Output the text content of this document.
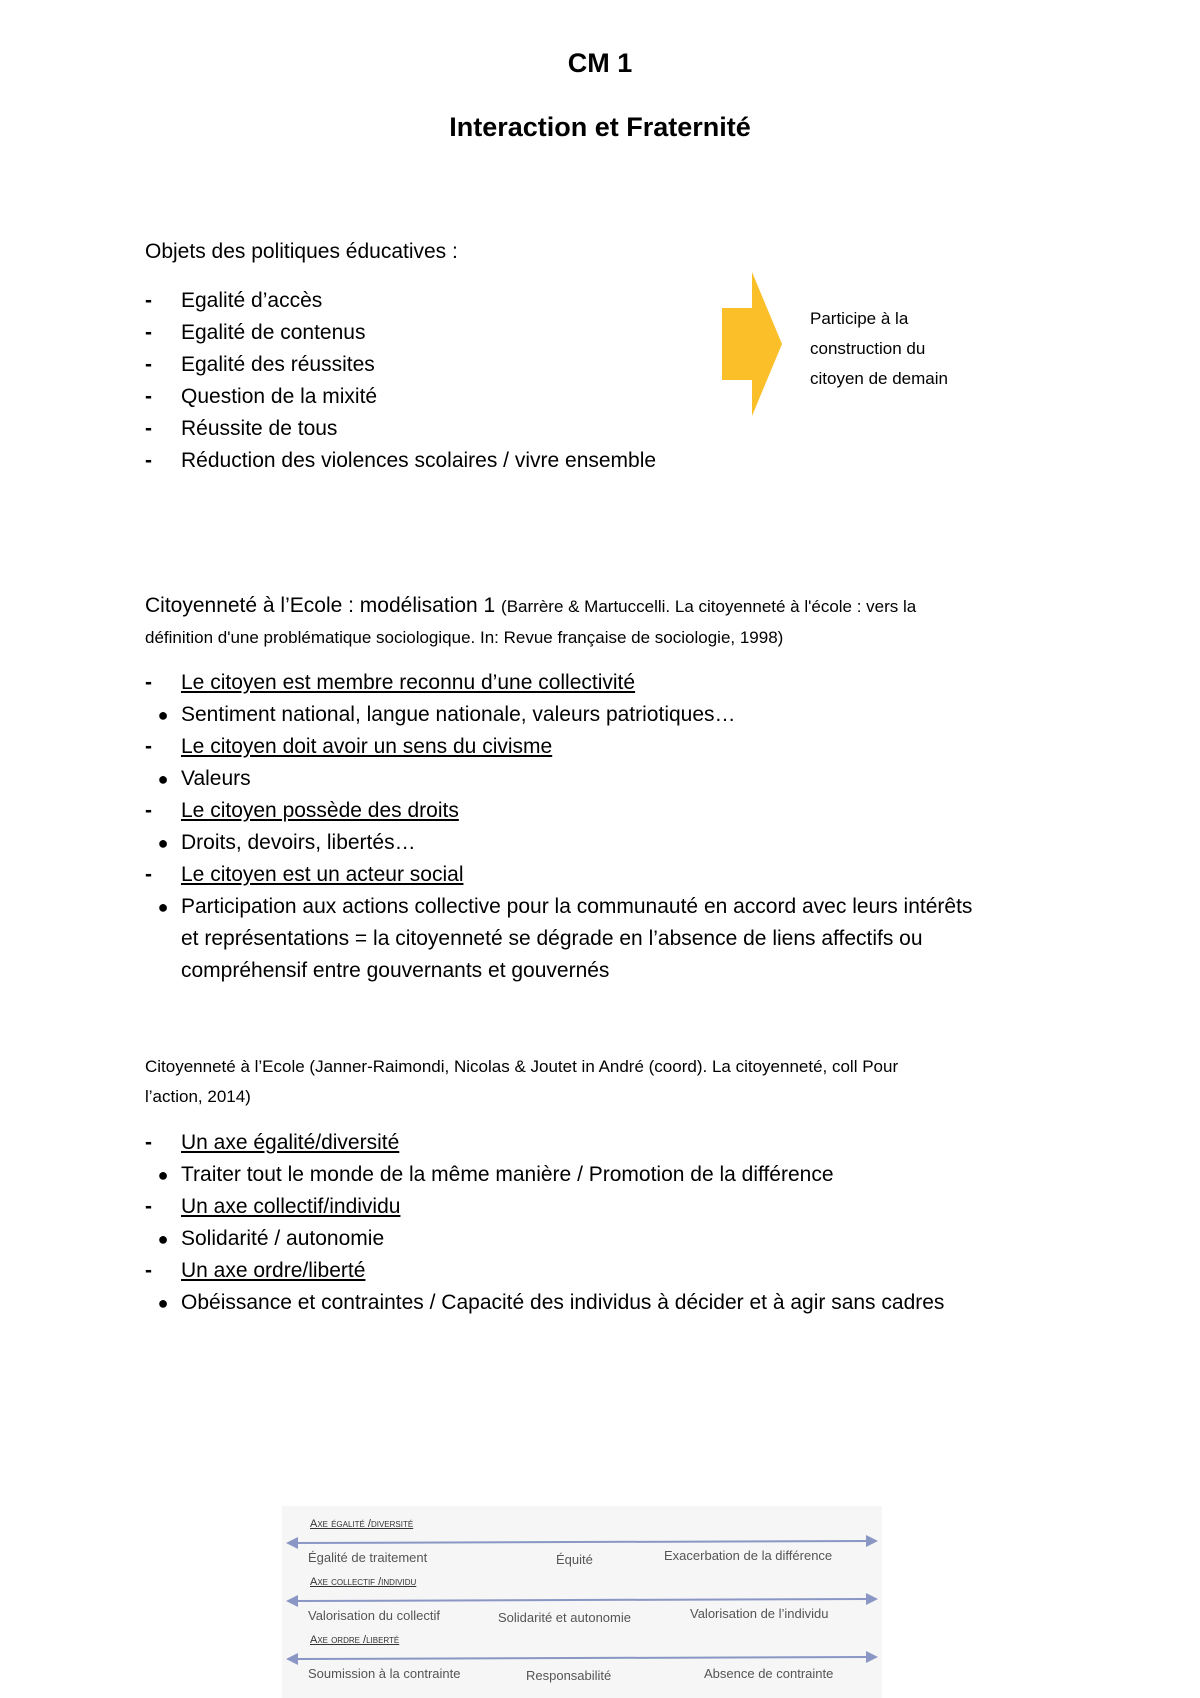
CM 1
Interaction et Fraternité
Objets des politiques éducatives :
-	Egalité d’accès
-	Egalité de contenus
-	Egalité des réussites
-	Question de la mixité
-	Réussite de tous
-	Réduction des violences scolaires / vivre ensemble
Participe à la
construction du
citoyen de demain
Citoyenneté à l’Ecole : modélisation 1 (Barrère & Martuccelli. La citoyenneté à l'école : vers la
définition d'une problématique sociologique. In: Revue française de sociologie, 1998)
-	Le citoyen est membre reconnu d’une collectivité
● Sentiment national, langue nationale, valeurs patriotiques…
-	Le citoyen doit avoir un sens du civisme
● Valeurs
-	Le citoyen possède des droits
● Droits, devoirs, libertés…
-	Le citoyen est un acteur social
● Participation aux actions collective pour la communauté en accord avec leurs intérêts
et représentations = la citoyenneté se dégrade en l’absence de liens affectifs ou
compréhensif entre gouvernants et gouvernés
Citoyenneté à l’Ecole (Janner-Raimondi, Nicolas & Joutet in André (coord). La citoyenneté, coll Pour
l’action, 2014)
-	Un axe égalité/diversité
● Traiter tout le monde de la même manière / Promotion de la différence
-	Un axe collectif/individu
● Solidarité / autonomie
-	Un axe ordre/liberté
● Obéissance et contraintes / Capacité des individus à décider et à agir sans cadres
Axe égalité /diversité
Égalité de traitement	Équité	Exacerbation de la différence
Axe collectif /individu
Valorisation du collectif	Solidarité et autonomie	Valorisation de l’individu
Axe ordre /liberté
Soumission à la contrainte	Responsabilité	Absence de contrainte
